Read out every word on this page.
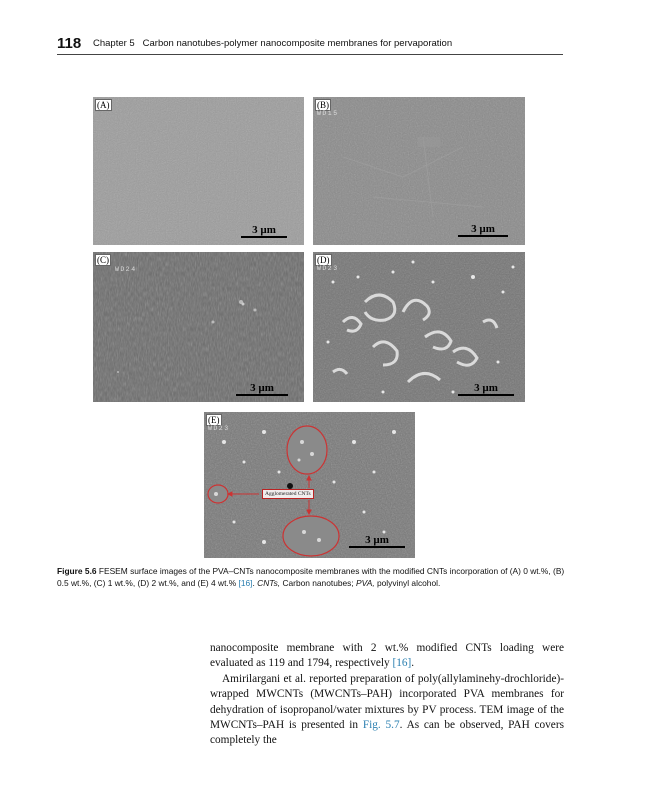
118 Chapter 5 Carbon nanotubes-polymer nanocomposite membranes for pervaporation
(A)
3 µm
(B)
WD15
3 µm
(C)
WD24
3 µm
(D)
WD23
3 µm
(E)
WD23
Agglomerated CNTs
3 µm
Figure 5.6 FESEM surface images of the PVA–CNTs nanocomposite membranes with the modified CNTs incorporation of (A) 0 wt.%, (B) 0.5 wt.%, (C) 1 wt.%, (D) 2 wt.%, and (E) 4 wt.% [16]. CNTs, Carbon nanotubes; PVA, polyvinyl alcohol.

nanocomposite membrane with 2 wt.% modified CNTs loading were evaluated as 119 and 1794, respectively [16].

Amirilargani et al. reported preparation of poly(allylaminehy-drochloride)-wrapped MWCNTs (MWCNTs–PAH) incorporated PVA membranes for dehydration of isopropanol/water mixtures by PV process. TEM image of the MWCNTs–PAH is presented in Fig. 5.7. As can be observed, PAH covers completely the
